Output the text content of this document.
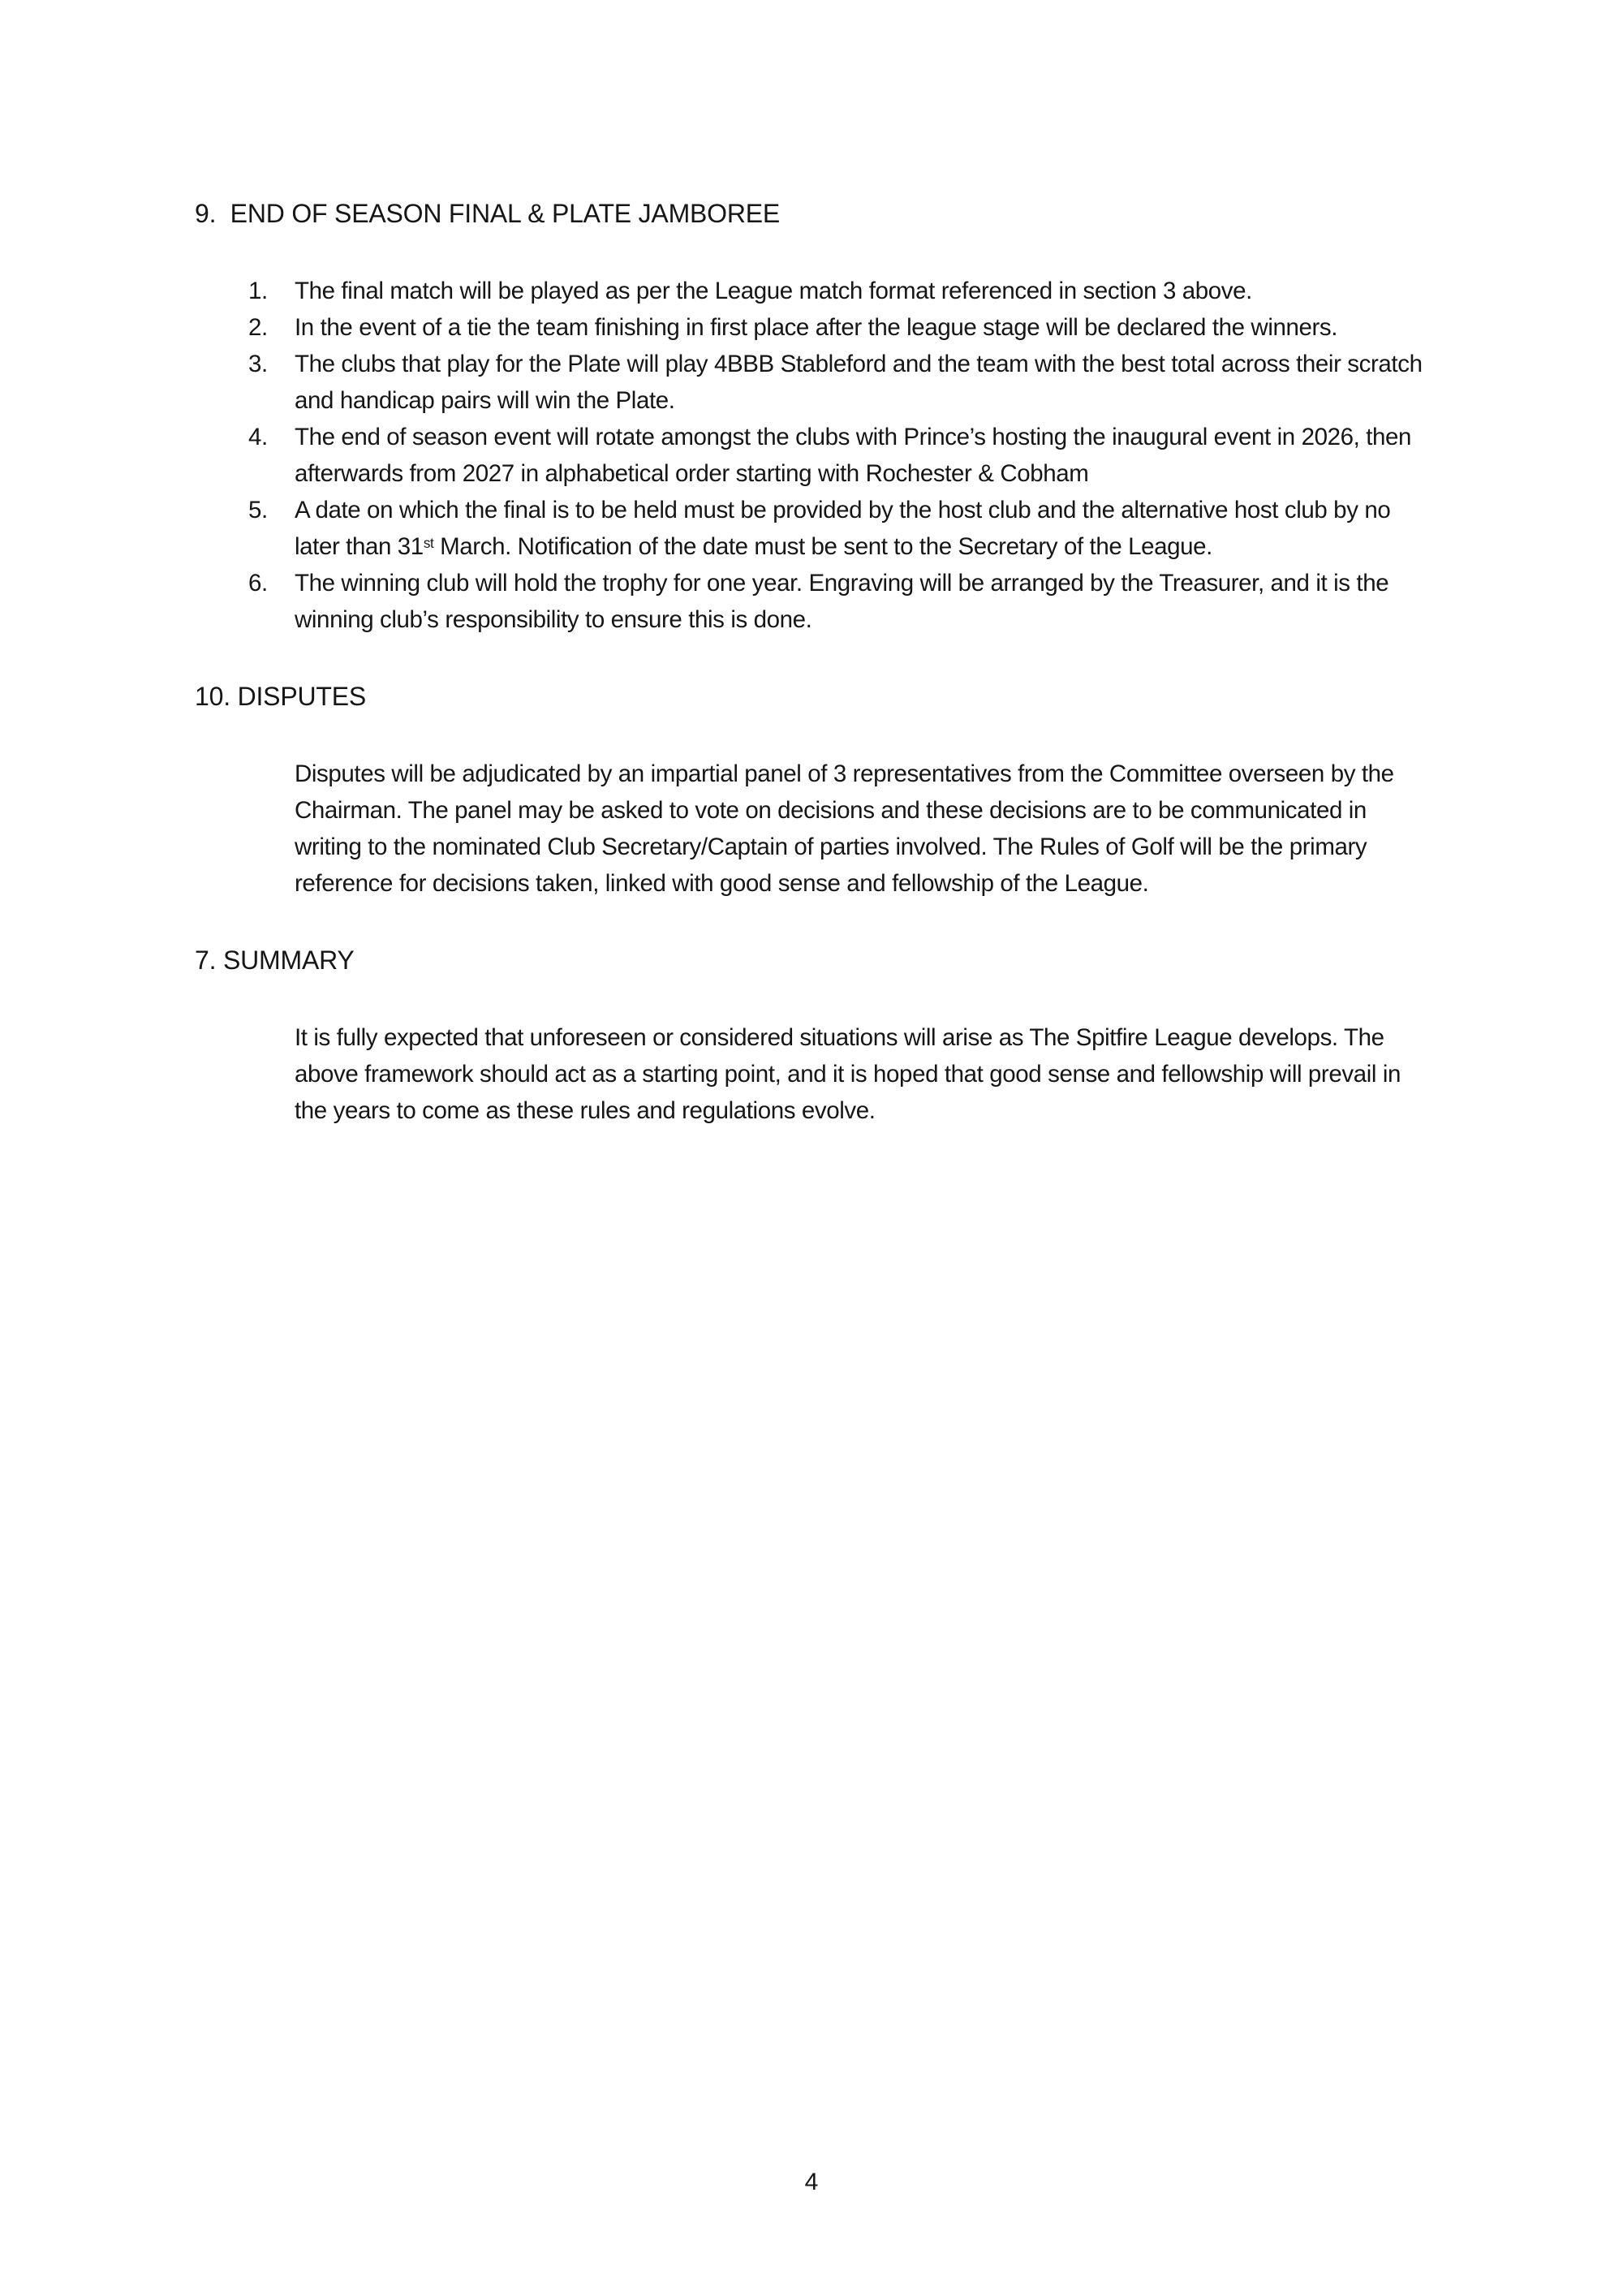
9.  END OF SEASON FINAL & PLATE JAMBOREE
1. The final match will be played as per the League match format referenced in section 3 above.
2. In the event of a tie the team finishing in first place after the league stage will be declared the winners.
3. The clubs that play for the Plate will play 4BBB Stableford and the team with the best total across their scratch and handicap pairs will win the Plate.
4. The end of season event will rotate amongst the clubs with Prince’s hosting the inaugural event in 2026, then afterwards from 2027 in alphabetical order starting with Rochester & Cobham
5. A date on which the final is to be held must be provided by the host club and the alternative host club by no later than 31st March. Notification of the date must be sent to the Secretary of the League.
6. The winning club will hold the trophy for one year. Engraving will be arranged by the Treasurer, and it is the winning club’s responsibility to ensure this is done.
10. DISPUTES

Disputes will be adjudicated by an impartial panel of 3 representatives from the Committee overseen by the Chairman. The panel may be asked to vote on decisions and these decisions are to be communicated in writing to the nominated Club Secretary/Captain of parties involved. The Rules of Golf will be the primary reference for decisions taken, linked with good sense and fellowship of the League.

7. SUMMARY

It is fully expected that unforeseen or considered situations will arise as The Spitfire League develops. The above framework should act as a starting point, and it is hoped that good sense and fellowship will prevail in the years to come as these rules and regulations evolve.

4
